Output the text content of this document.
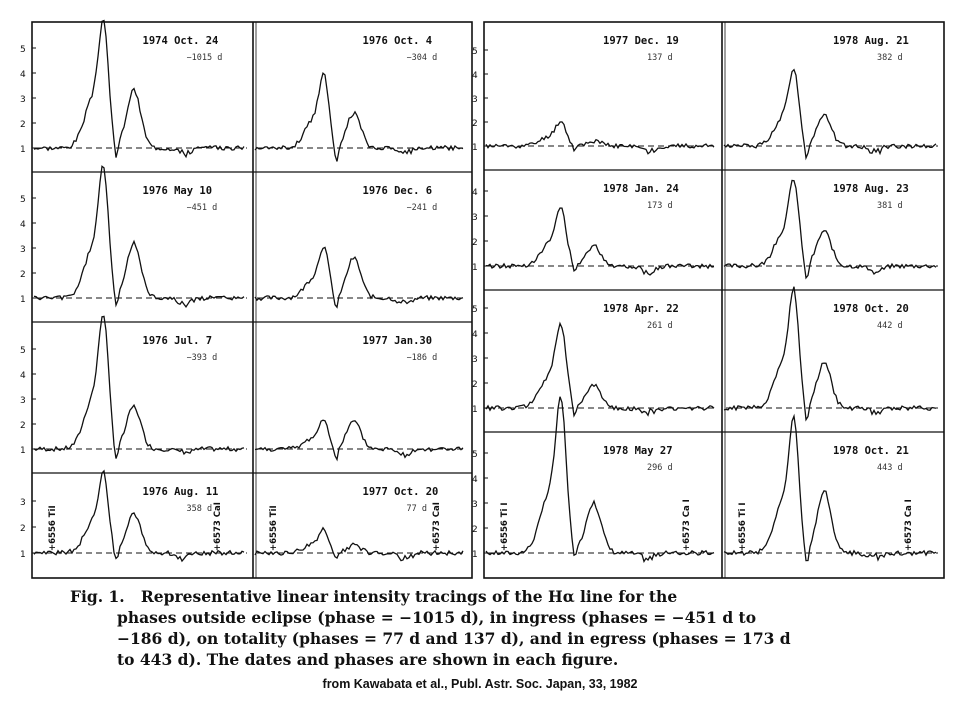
1
2
3
4
5
1974 Oct. 24
−1015 d
1976 Oct. 4
−304 d
1
2
3
4
5
1976 May 10
−451 d
1976 Dec. 6
−241 d
1
2
3
4
5
1976 Jul. 7
−393 d
1977 Jan.30
−186 d
1
2
3
1976 Aug. 11
358 d
+6556 TiI	+6573 CaI
1977 Oct. 20
77 d
+6556 TiI	+6573 CaI
1
2
3
4
5
1977 Dec. 19
137 d
1978 Aug. 21
382 d
1
2
3
4	1978 Jan. 24
173 d
1978 Aug. 23
381 d
1
2
3
4
5	1978 Apr. 22
261 d
1978 Oct. 20
442 d
1
2
3
4
5	1978 May 27
296 d
+6556 Ti I	+6573 Ca I
1978 Oct. 21
443 d
+6556 Ti I	+6573 Ca I
Fig. 1. Representative linear intensity tracings of the Hα line for the
phases outside eclipse (phase = −1015 d), in ingress (phases = −451 d to
−186 d), on totality (phases = 77 d and 137 d), and in egress (phases = 173 d
to 443 d). The dates and phases are shown in each figure.
from Kawabata et al., Publ. Astr. Soc. Japan, 33, 1982
